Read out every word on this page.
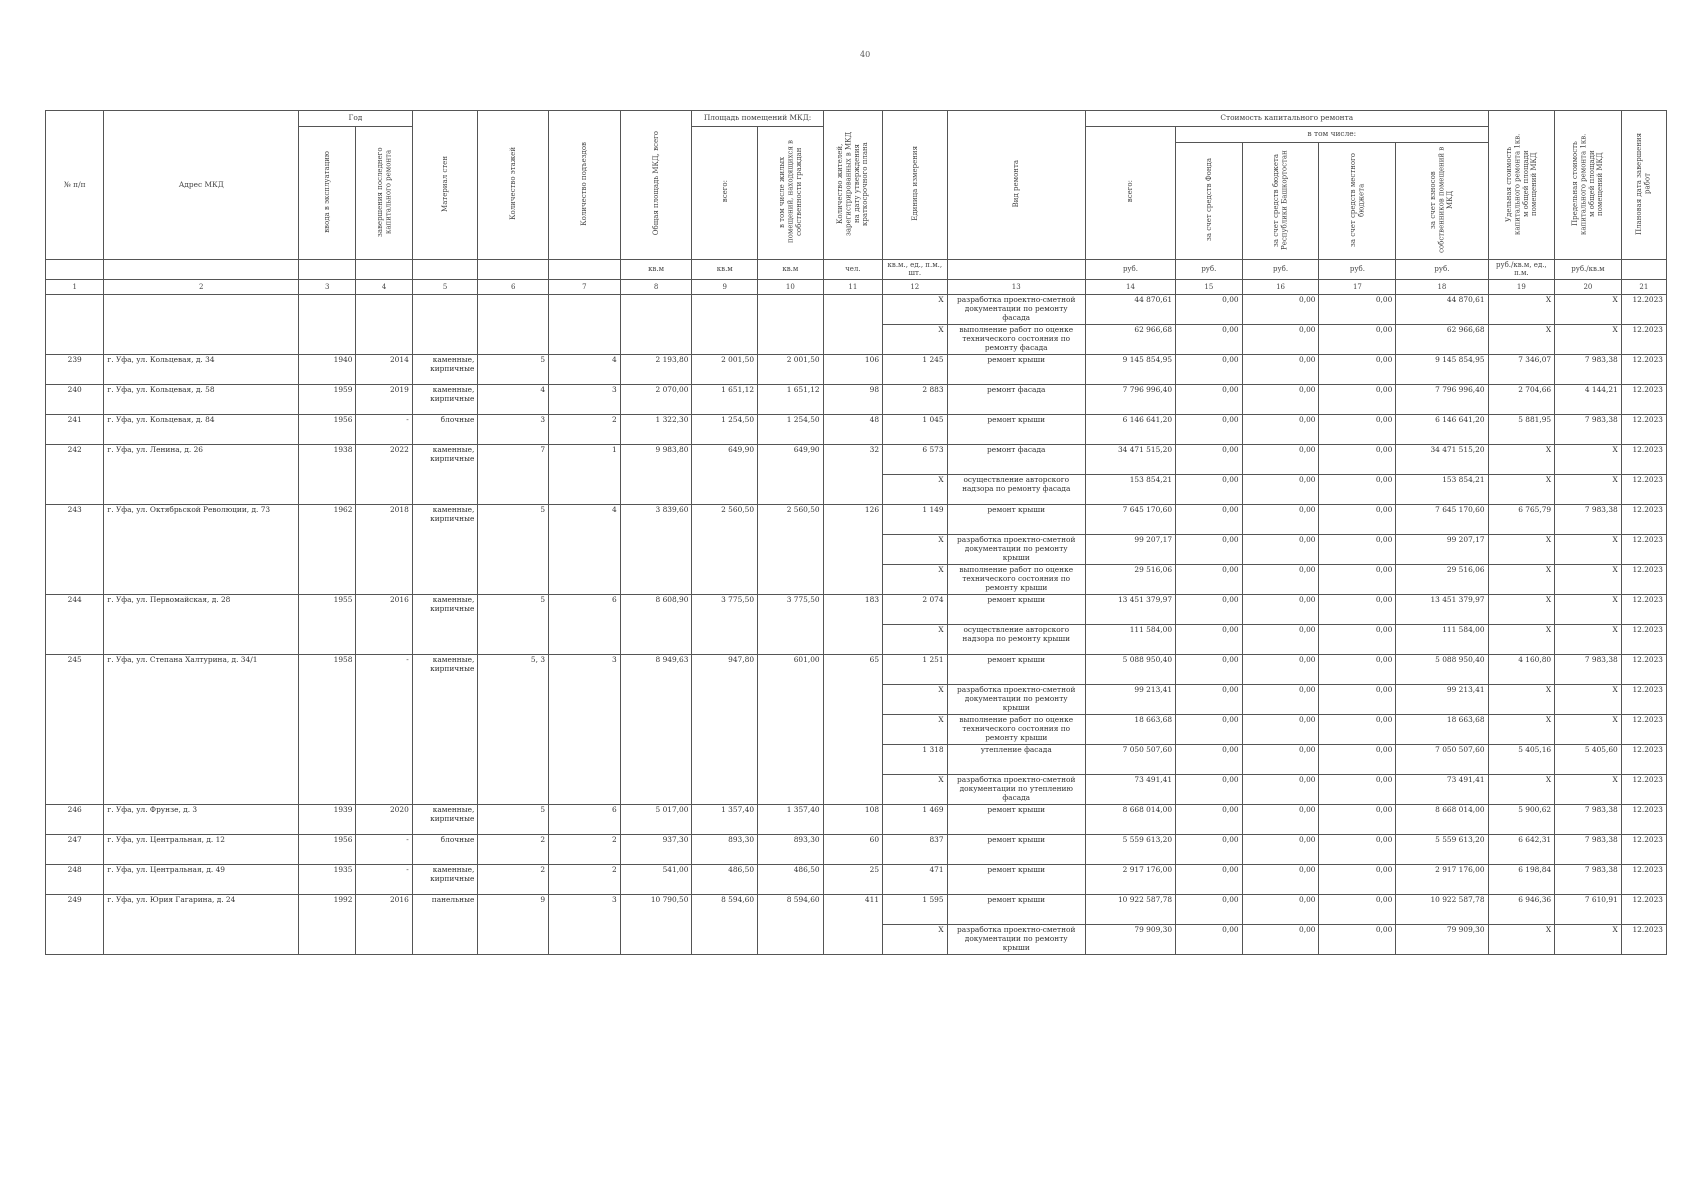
40
№ п/п	Адрес МКД	Год		Материал стен	Количество этажей	Количество подъездов	Общая площадь МКД, всего	Площадь помещений МКД:		Количество жителей, зарегистрированных в МКД на дату утверждения краткосрочного плана	Единица измерения	Вид ремонта	Стоимость капитального ремонта					Удельная стоимость капитального ремонта 1кв. м общей площади помещений МКД	Предельная стоимость капитального ремонта 1кв. м общей площади помещений МКД	Плановая дата завершения работ
		ввода в эксплуатацию	завершения последнего капитального ремонта					всего:	в том числе жилых помещений, находящихся в собственности граждан				всего:	в том числе:						
														за счет средств Фонда	за счет средств бюджета Республики Башкортостан	за счет средств местного бюджета	за счет взносов собственников помещений в МКД			
							кв.м	кв.м	кв.м	чел.	кв.м., ед., п.м., шт.		руб.	руб.	руб.	руб.	руб.	руб./кв.м, ед., п.м.	руб./кв.м	
1	2	3	4	5	6	7	8	9	10	11	12	13	14	15	16	17	18	19	20	21
											X	разработка проектно-сметной документации по ремонту фасада	44 870,61	0,00	0,00	0,00	44 870,61	X	X	12.2023
											X	выполнение работ по оценке технического состояния по ремонту фасада	62 966,68	0,00	0,00	0,00	62 966,68	X	X	12.2023
239	г. Уфа, ул. Кольцевая, д. 34	1940	2014	каменные, кирпичные	5	4	2 193,80	2 001,50	2 001,50	106	1 245	ремонт крыши	9 145 854,95	0,00	0,00	0,00	9 145 854,95	7 346,07	7 983,38	12.2023
240	г. Уфа, ул. Кольцевая, д. 58	1959	2019	каменные, кирпичные	4	3	2 070,00	1 651,12	1 651,12	98	2 883	ремонт фасада	7 796 996,40	0,00	0,00	0,00	7 796 996,40	2 704,66	4 144,21	12.2023
241	г. Уфа, ул. Кольцевая, д. 84	1956	-	блочные	3	2	1 322,30	1 254,50	1 254,50	48	1 045	ремонт крыши	6 146 641,20	0,00	0,00	0,00	6 146 641,20	5 881,95	7 983,38	12.2023
242	г. Уфа, ул. Ленина, д. 26	1938	2022	каменные, кирпичные	7	1	9 983,80	649,90	649,90	32	6 573	ремонт фасада	34 471 515,20	0,00	0,00	0,00	34 471 515,20	X	X	12.2023
											X	осуществление авторского надзора по ремонту фасада	153 854,21	0,00	0,00	0,00	153 854,21	X	X	12.2023
243	г. Уфа, ул. Октябрьской Революции, д. 73	1962	2018	каменные, кирпичные	5	4	3 839,60	2 560,50	2 560,50	126	1 149	ремонт крыши	7 645 170,60	0,00	0,00	0,00	7 645 170,60	6 765,79	7 983,38	12.2023
											X	разработка проектно-сметной документации по ремонту крыши	99 207,17	0,00	0,00	0,00	99 207,17	X	X	12.2023
											X	выполнение работ по оценке технического состояния по ремонту крыши	29 516,06	0,00	0,00	0,00	29 516,06	X	X	12.2023
244	г. Уфа, ул. Первомайская, д. 28	1955	2016	каменные, кирпичные	5	6	8 608,90	3 775,50	3 775,50	183	2 074	ремонт крыши	13 451 379,97	0,00	0,00	0,00	13 451 379,97	X	X	12.2023
											X	осуществление авторского надзора по ремонту крыши	111 584,00	0,00	0,00	0,00	111 584,00	X	X	12.2023
245	г. Уфа, ул. Степана Халтурина, д. 34/1	1958	-	каменные, кирпичные	5, 3	3	8 949,63	947,80	601,00	65	1 251	ремонт крыши	5 088 950,40	0,00	0,00	0,00	5 088 950,40	4 160,80	7 983,38	12.2023
											X	разработка проектно-сметной документации по ремонту крыши	99 213,41	0,00	0,00	0,00	99 213,41	X	X	12.2023
											X	выполнение работ по оценке технического состояния по ремонту крыши	18 663,68	0,00	0,00	0,00	18 663,68	X	X	12.2023
											1 318	утепление фасада	7 050 507,60	0,00	0,00	0,00	7 050 507,60	5 405,16	5 405,60	12.2023
											X	разработка проектно-сметной документации по утеплению фасада	73 491,41	0,00	0,00	0,00	73 491,41	X	X	12.2023
246	г. Уфа, ул. Фрунзе, д. 3	1939	2020	каменные, кирпичные	5	6	5 017,00	1 357,40	1 357,40	108	1 469	ремонт крыши	8 668 014,00	0,00	0,00	0,00	8 668 014,00	5 900,62	7 983,38	12.2023
247	г. Уфа, ул. Центральная, д. 12	1956	-	блочные	2	2	937,30	893,30	893,30	60	837	ремонт крыши	5 559 613,20	0,00	0,00	0,00	5 559 613,20	6 642,31	7 983,38	12.2023
248	г. Уфа, ул. Центральная, д. 49	1935	-	каменные, кирпичные	2	2	541,00	486,50	486,50	25	471	ремонт крыши	2 917 176,00	0,00	0,00	0,00	2 917 176,00	6 198,84	7 983,38	12.2023
249	г. Уфа, ул. Юрия Гагарина, д. 24	1992	2016	панельные	9	3	10 790,50	8 594,60	8 594,60	411	1 595	ремонт крыши	10 922 587,78	0,00	0,00	0,00	10 922 587,78	6 946,36	7 610,91	12.2023
											X	разработка проектно-сметной документации по ремонту крыши	79 909,30	0,00	0,00	0,00	79 909,30	X	X	12.2023
